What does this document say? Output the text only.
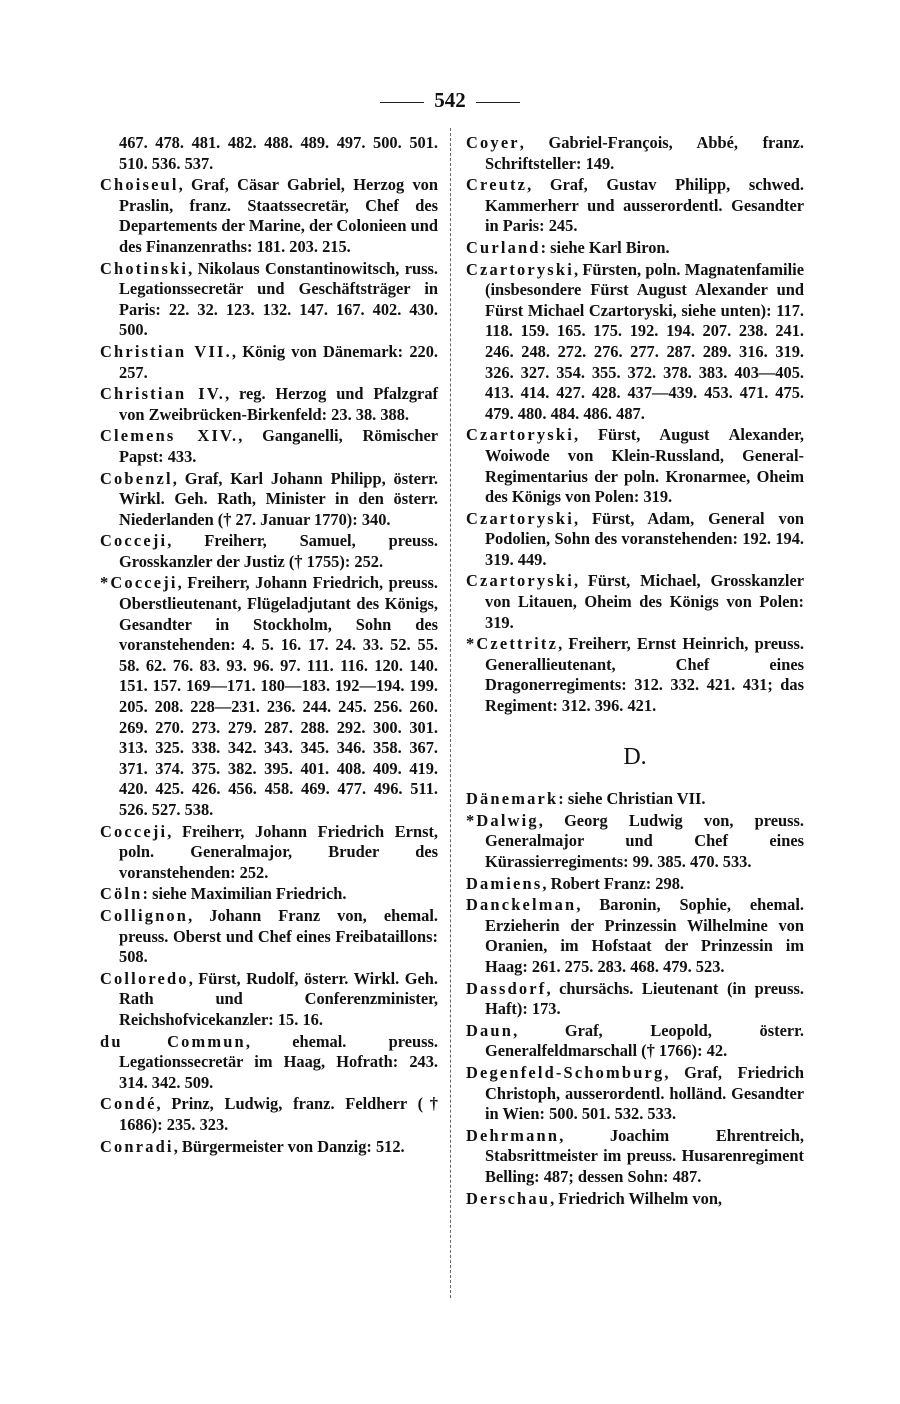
542
467. 478. 481. 482. 488. 489. 497. 500. 501. 510. 536. 537.
Choiseul, Graf, Cäsar Gabriel, Herzog von Praslin, franz. Staatssecretär, Chef des Departements der Marine, der Colonieen und des Finanzenraths: 181. 203. 215.
Chotinski, Nikolaus Constantinowitsch, russ. Legationssecretär und Geschäftsträger in Paris: 22. 32. 123. 132. 147. 167. 402. 430. 500.
Christian VII., König von Dänemark: 220. 257.
Christian IV., reg. Herzog und Pfalzgraf von Zweibrücken-Birkenfeld: 23. 38. 388.
Clemens XIV., Ganganelli, Römischer Papst: 433.
Cobenzl, Graf, Karl Johann Philipp, österr. Wirkl. Geh. Rath, Minister in den österr. Niederlanden († 27. Januar 1770): 340.
Cocceji, Freiherr, Samuel, preuss. Grosskanzler der Justiz († 1755): 252.
*Cocceji, Freiherr, Johann Friedrich, preuss. Oberstlieutenant, Flügeladjutant des Königs, Gesandter in Stockholm, Sohn des voranstehenden: 4. 5. 16. 17. 24. 33. 52. 55. 58. 62. 76. 83. 93. 96. 97. 111. 116. 120. 140. 151. 157. 169—171. 180—183. 192—194. 199. 205. 208. 228—231. 236. 244. 245. 256. 260. 269. 270. 273. 279. 287. 288. 292. 300. 301. 313. 325. 338. 342. 343. 345. 346. 358. 367. 371. 374. 375. 382. 395. 401. 408. 409. 419. 420. 425. 426. 456. 458. 469. 477. 496. 511. 526. 527. 538.
Cocceji, Freiherr, Johann Friedrich Ernst, poln. Generalmajor, Bruder des voranstehenden: 252.
Cöln: siehe Maximilian Friedrich.
Collignon, Johann Franz von, ehemal. preuss. Oberst und Chef eines Freibataillons: 508.
Colloredo, Fürst, Rudolf, österr. Wirkl. Geh. Rath und Conferenzminister, Reichshofvicekanzler: 15. 16.
du Commun, ehemal. preuss. Legationssecretär im Haag, Hofrath: 243. 314. 342. 509.
Condé, Prinz, Ludwig, franz. Feldherr († 1686): 235. 323.
Conradi, Bürgermeister von Danzig: 512.
Coyer, Gabriel-François, Abbé, franz. Schriftsteller: 149.
Creutz, Graf, Gustav Philipp, schwed. Kammerherr und ausserordentl. Gesandter in Paris: 245.
Curland: siehe Karl Biron.
Czartoryski, Fürsten, poln. Magnatenfamilie (insbesondere Fürst August Alexander und Fürst Michael Czartoryski, siehe unten): 117. 118. 159. 165. 175. 192. 194. 207. 238. 241. 246. 248. 272. 276. 277. 287. 289. 316. 319. 326. 327. 354. 355. 372. 378. 383. 403—405. 413. 414. 427. 428. 437—439. 453. 471. 475. 479. 480. 484. 486. 487.
Czartoryski, Fürst, August Alexander, Woiwode von Klein-Russland, General-Regimentarius der poln. Kronarmee, Oheim des Königs von Polen: 319.
Czartoryski, Fürst, Adam, General von Podolien, Sohn des voranstehenden: 192. 194. 319. 449.
Czartoryski, Fürst, Michael, Grosskanzler von Litauen, Oheim des Königs von Polen: 319.
*Czettritz, Freiherr, Ernst Heinrich, preuss. Generallieutenant, Chef eines Dragonerregiments: 312. 332. 421. 431; das Regiment: 312. 396. 421.
D.
Dänemark: siehe Christian VII.
*Dalwig, Georg Ludwig von, preuss. Generalmajor und Chef eines Kürassierregiments: 99. 385. 470. 533.
Damiens, Robert Franz: 298.
Danckelman, Baronin, Sophie, ehemal. Erzieherin der Prinzessin Wilhelmine von Oranien, im Hofstaat der Prinzessin im Haag: 261. 275. 283. 468. 479. 523.
Dassdorf, chursächs. Lieutenant (in preuss. Haft): 173.
Daun, Graf, Leopold, österr. Generalfeldmarschall († 1766): 42.
Degenfeld-Schomburg, Graf, Friedrich Christoph, ausserordentl. holländ. Gesandter in Wien: 500. 501. 532. 533.
Dehrmann, Joachim Ehrentreich, Stabsrittmeister im preuss. Husarenregiment Belling: 487; dessen Sohn: 487.
Derschau, Friedrich Wilhelm von,
